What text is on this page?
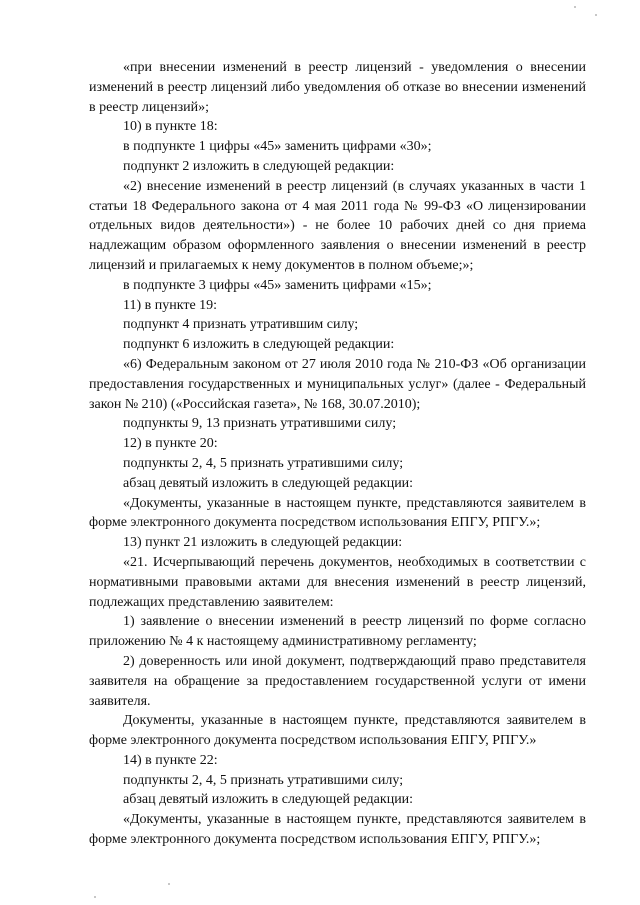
«при внесении изменений в реестр лицензий - уведомления о внесении изменений в реестр лицензий либо уведомления об отказе во внесении изменений в реестр лицензий»;

10) в пункте 18:

в подпункте 1 цифры «45» заменить цифрами «30»;

подпункт 2 изложить в следующей редакции:

«2) внесение изменений в реестр лицензий (в случаях указанных в части 1 статьи 18 Федерального закона от 4 мая 2011 года № 99-ФЗ «О лицензировании отдельных видов деятельности») - не более 10 рабочих дней со дня приема надлежащим образом оформленного заявления о внесении изменений в реестр лицензий и прилагаемых к нему документов в полном объеме;»;

в подпункте 3 цифры «45» заменить цифрами «15»;

11) в пункте 19:

подпункт 4 признать утратившим силу;

подпункт 6 изложить в следующей редакции:

«6) Федеральным законом от 27 июля 2010 года № 210-ФЗ «Об организации предоставления государственных и муниципальных услуг» (далее - Федеральный закон № 210) («Российская газета», № 168, 30.07.2010);

подпункты 9, 13 признать утратившими силу;

12) в пункте 20:

подпункты 2, 4, 5 признать утратившими силу;

абзац девятый изложить в следующей редакции:

«Документы, указанные в настоящем пункте, представляются заявителем в форме электронного документа посредством использования ЕПГУ, РПГУ.»;

13) пункт 21 изложить в следующей редакции:

«21. Исчерпывающий перечень документов, необходимых в соответствии с нормативными правовыми актами для внесения изменений в реестр лицензий, подлежащих представлению заявителем:

1) заявление о внесении изменений в реестр лицензий по форме согласно приложению № 4 к настоящему административному регламенту;

2) доверенность или иной документ, подтверждающий право представителя заявителя на обращение за предоставлением государственной услуги от имени заявителя.

Документы, указанные в настоящем пункте, представляются заявителем в форме электронного документа посредством использования ЕПГУ, РПГУ.»

14) в пункте 22:

подпункты 2, 4, 5 признать утратившими силу;

абзац девятый изложить в следующей редакции:

«Документы, указанные в настоящем пункте, представляются заявителем в форме электронного документа посредством использования ЕПГУ, РПГУ.»;
